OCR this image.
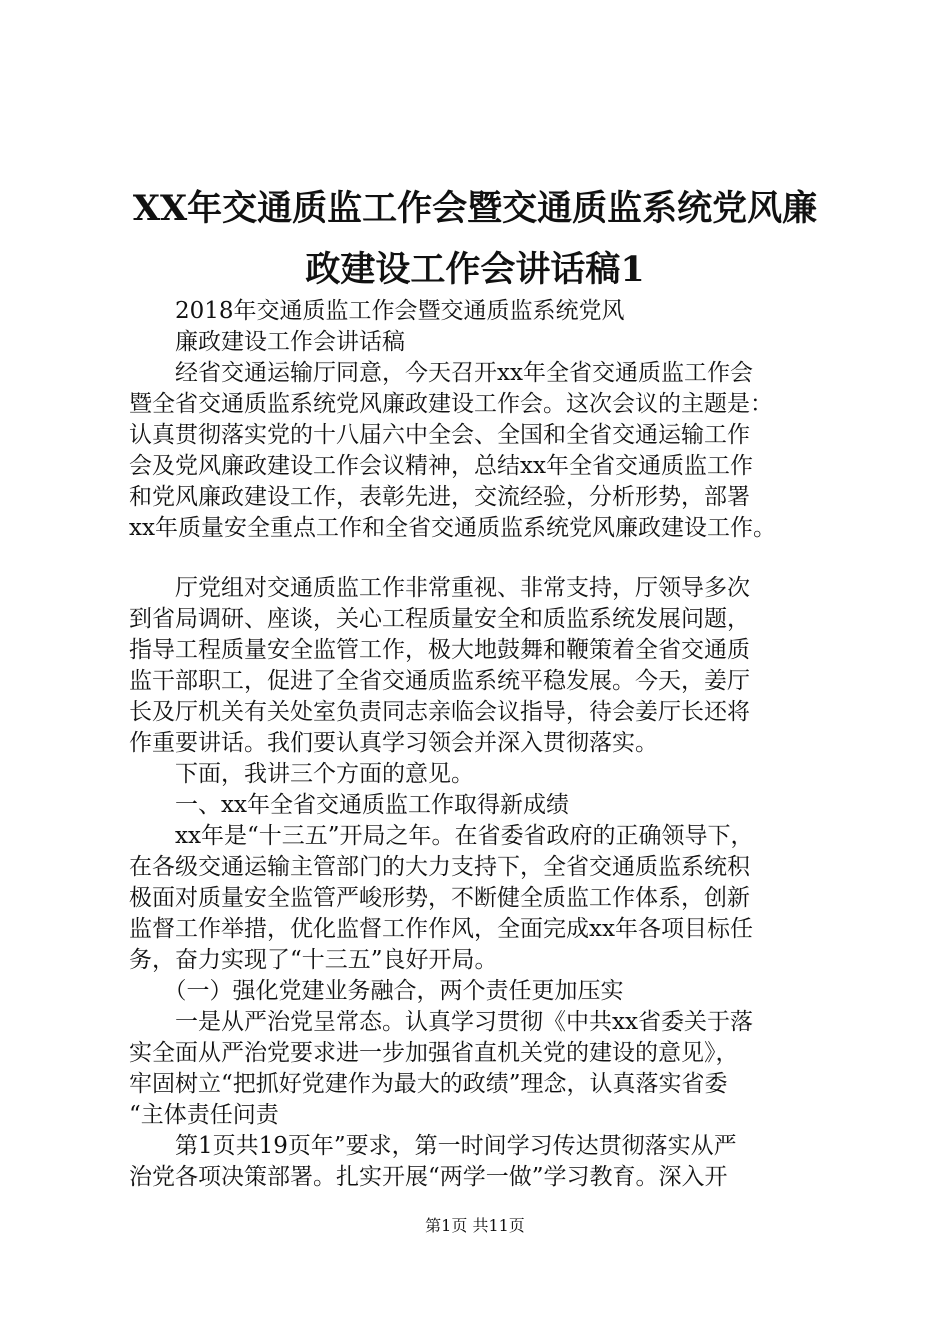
XX年交通质监工作会暨交通质监系统党风廉
政建设工作会讲话稿1
　　2018年交通质监工作会暨交通质监系统党风
　　廉政建设工作会讲话稿
　　经省交通运输厅同意，今天召开xx年全省交通质监工作会
暨全省交通质监系统党风廉政建设工作会。这次会议的主题是：
认真贯彻落实党的十八届六中全会、全国和全省交通运输工作
会及党风廉政建设工作会议精神，总结xx年全省交通质监工作
和党风廉政建设工作，表彰先进，交流经验，分析形势，部署
xx年质量安全重点工作和全省交通质监系统党风廉政建设工作。
　　厅党组对交通质监工作非常重视、非常支持，厅领导多次
到省局调研、座谈，关心工程质量安全和质监系统发展问题，
指导工程质量安全监管工作，极大地鼓舞和鞭策着全省交通质
监干部职工，促进了全省交通质监系统平稳发展。今天，姜厅
长及厅机关有关处室负责同志亲临会议指导，待会姜厅长还将
作重要讲话。我们要认真学习领会并深入贯彻落实。
　　下面，我讲三个方面的意见。
　　一、xx年全省交通质监工作取得新成绩
　　xx年是“十三五”开局之年。在省委省政府的正确领导下，
在各级交通运输主管部门的大力支持下，全省交通质监系统积
极面对质量安全监管严峻形势，不断健全质监工作体系，创新
监督工作举措，优化监督工作作风，全面完成xx年各项目标任
务，奋力实现了“十三五”良好开局。
　　（一）强化党建业务融合，两个责任更加压实
　　一是从严治党呈常态。认真学习贯彻《中共xx省委关于落
实全面从严治党要求进一步加强省直机关党的建设的意见》，
牢固树立“把抓好党建作为最大的政绩”理念，认真落实省委
“主体责任问责
　　第1页共19页年”要求，第一时间学习传达贯彻落实从严
治党各项决策部署。扎实开展“两学一做”学习教育。深入开
第1页 共11页
